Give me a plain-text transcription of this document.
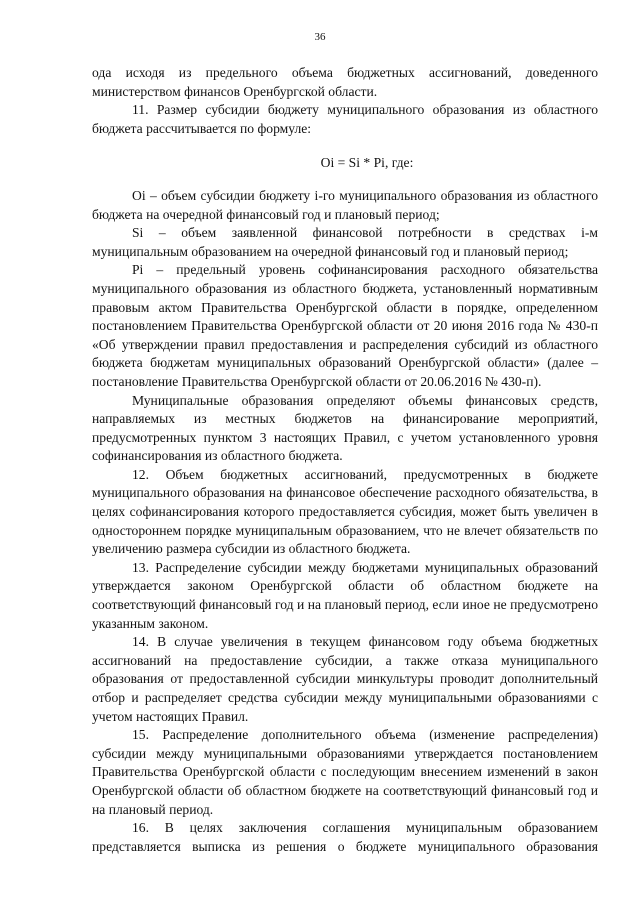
36

ода исходя из предельного объема бюджетных ассигнований, доведенного министерством финансов Оренбургской области.

11. Размер субсидии бюджету муниципального образования из областного бюджета рассчитывается по формуле:

Oi = Si * Pi, где:

Oi – объем субсидии бюджету i-го муниципального образования из областного бюджета на очередной финансовый год и плановый период;

Si – объем заявленной финансовой потребности в средствах i-м муниципальным образованием на очередной финансовый год и плановый период;

Pi – предельный уровень софинансирования расходного обязательства муниципального образования из областного бюджета, установленный нормативным правовым актом Правительства Оренбургской области в порядке, определенном постановлением Правительства Оренбургской области от 20 июня 2016 года № 430-п «Об утверждении правил предоставления и распределения субсидий из областного бюджета бюджетам муниципальных образований Оренбургской области» (далее – постановление Правительства Оренбургской области от 20.06.2016 № 430-п).

Муниципальные образования определяют объемы финансовых средств, направляемых из местных бюджетов на финансирование мероприятий, предусмотренных пунктом 3 настоящих Правил, с учетом установленного уровня софинансирования из областного бюджета.

12. Объем бюджетных ассигнований, предусмотренных в бюджете муниципального образования на финансовое обеспечение расходного обязательства, в целях софинансирования которого предоставляется субсидия, может быть увеличен в одностороннем порядке муниципальным образованием, что не влечет обязательств по увеличению размера субсидии из областного бюджета.

13. Распределение субсидии между бюджетами муниципальных образований утверждается законом Оренбургской области об областном бюджете на соответствующий финансовый год и на плановый период, если иное не предусмотрено указанным законом.

14. В случае увеличения в текущем финансовом году объема бюджетных ассигнований на предоставление субсидии, а также отказа муниципального образования от предоставленной субсидии минкультуры проводит дополнительный отбор и распределяет средства субсидии между муниципальными образованиями с учетом настоящих Правил.

15. Распределение дополнительного объема (изменение распределения) субсидии между муниципальными образованиями утверждается постановлением Правительства Оренбургской области с последующим внесением изменений в закон Оренбургской области об областном бюджете на соответствующий финансовый год и на плановый период.

16. В целях заключения соглашения муниципальным образованием представляется выписка из решения о бюджете муниципального образования
